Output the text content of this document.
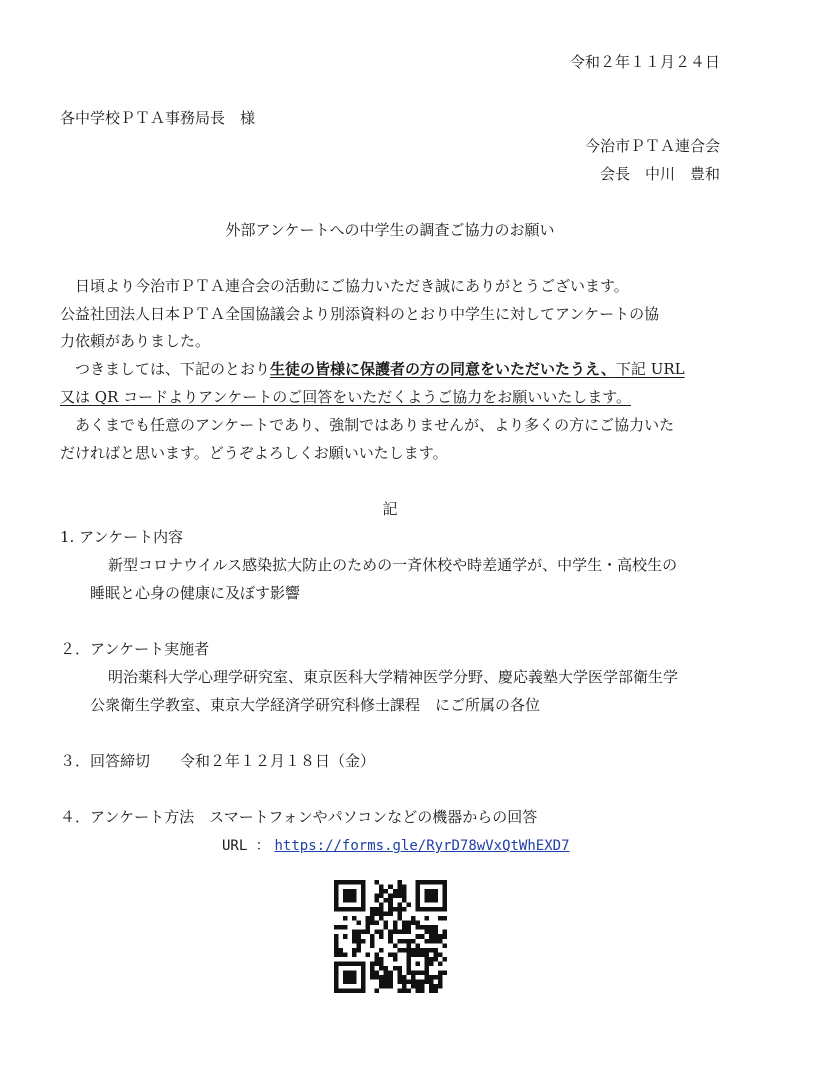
令和２年１１月２４日
各中学校ＰＴＡ事務局長　様
今治市ＰＴＡ連合会
会長　中川　豊和
外部アンケートへの中学生の調査ご協力のお願い
日頃より今治市ＰＴＡ連合会の活動にご協力いただき誠にありがとうございます。
公益社団法人日本ＰＴＡ全国協議会より別添資料のとおり中学生に対してアンケートの協
力依頼がありました。
つきましては、下記のとおり生徒の皆様に保護者の方の同意をいただいたうえ、下記 URL
又は QR コードよりアンケートのご回答をいただくようご協力をお願いいたします。
あくまでも任意のアンケートであり、強制ではありませんが、より多くの方にご協力いた
だければと思います。どうぞよろしくお願いいたします。
記
1. アンケート内容
新型コロナウイルス感染拡大防止のための一斉休校や時差通学が、中学生・高校生の
睡眠と心身の健康に及ぼす影響
２．アンケート実施者
明治薬科大学心理学研究室、東京医科大学精神医学分野、慶応義塾大学医学部衛生学
公衆衛生学教室、東京大学経済学研究科修士課程　にご所属の各位
３．回答締切　　令和２年１２月１８日（金）
４．アンケート方法　スマートフォンやパソコンなどの機器からの回答
URL ： https://forms.gle/RyrD78wVxQtWhEXD7
